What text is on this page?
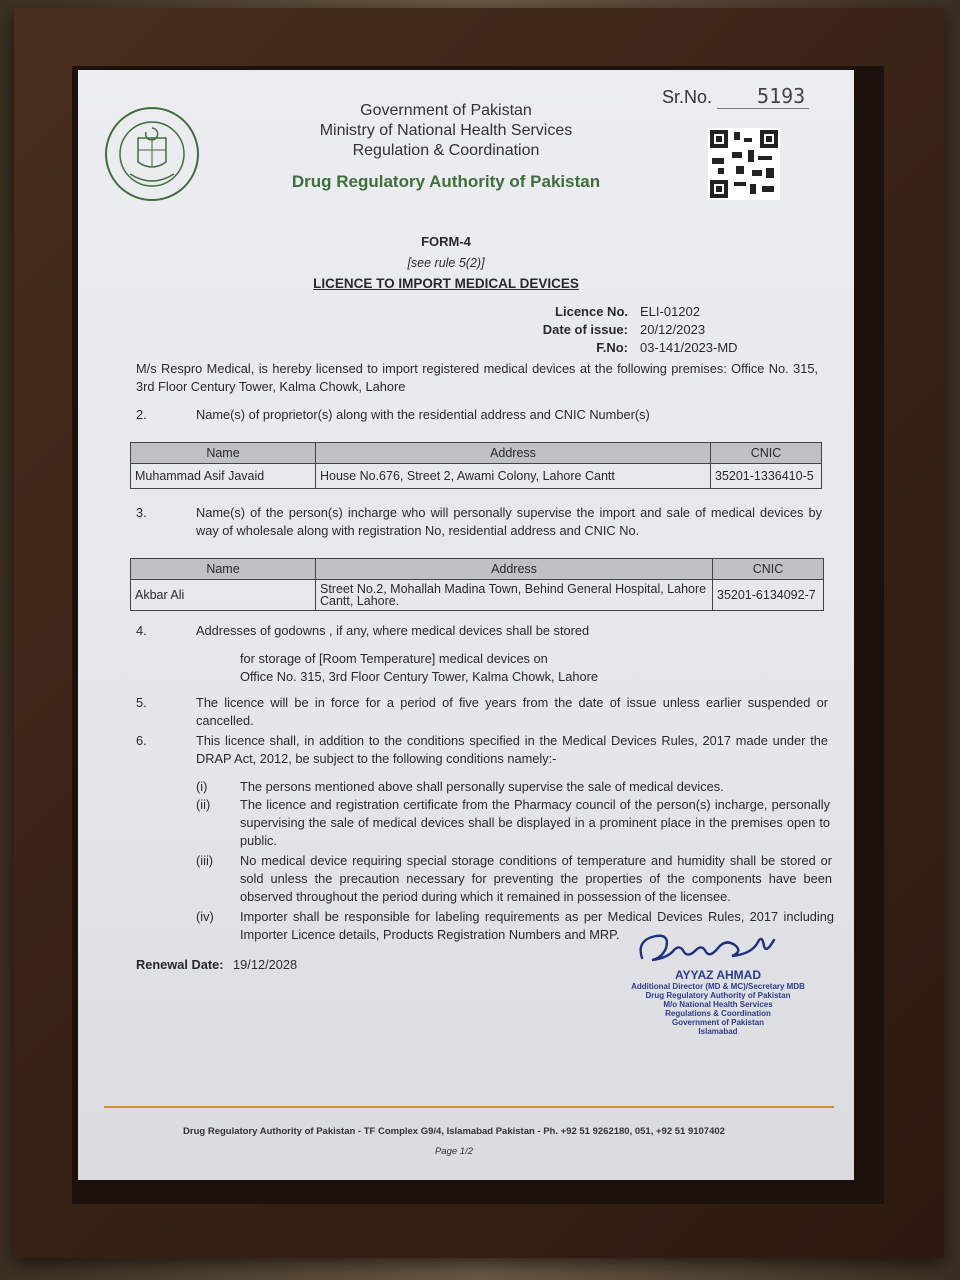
Sr.No. 5193
Government of Pakistan
Ministry of National Health Services
Regulation & Coordination
Drug Regulatory Authority of Pakistan
FORM-4
[see rule 5(2)]
LICENCE TO IMPORT MEDICAL DEVICES
Licence No. ELI-01202
Date of issue: 20/12/2023
F.No: 03-141/2023-MD
M/s Respro Medical, is hereby licensed to import registered medical devices at the following premises: Office No. 315, 3rd Floor Century Tower, Kalma Chowk, Lahore
2.	Name(s) of proprietor(s) along with the residential address and CNIC Number(s)
Name	Address	CNIC
Muhammad Asif Javaid	House No.676, Street 2, Awami Colony, Lahore Cantt	35201-1336410-5
3.	Name(s) of the person(s) incharge who will personally supervise the import and sale of medical devices by way of wholesale along with registration No, residential address and CNIC No.
Name	Address	CNIC
Akbar Ali	Street No.2, Mohallah Madina Town, Behind General Hospital, Lahore Cantt, Lahore.	35201-6134092-7
4.	Addresses of godowns , if any, where medical devices shall be stored
for storage of [Room Temperature] medical devices on
Office No. 315, 3rd Floor Century Tower, Kalma Chowk, Lahore
5.	The licence will be in force for a period of five years from the date of issue unless earlier suspended or cancelled.
6.	This licence shall, in addition to the conditions specified in the Medical Devices Rules, 2017 made under the DRAP Act, 2012, be subject to the following conditions namely:-
(i)	The persons mentioned above shall personally supervise the sale of medical devices.
(ii)	The licence and registration certificate from the Pharmacy council of the person(s) incharge, personally supervising the sale of medical devices shall be displayed in a prominent place in the premises open to public.
(iii)	No medical device requiring special storage conditions of temperature and humidity shall be stored or sold unless the precaution necessary for preventing the properties of the components have been observed throughout the period during which it remained in possession of the licensee.
(iv)	Importer shall be responsible for labeling requirements as per Medical Devices Rules, 2017 including Importer Licence details, Products Registration Numbers and MRP.
Renewal Date: 19/12/2028
AYYAZ AHMAD
Additional Director (MD & MC)/Secretary MDB
Drug Regulatory Authority of Pakistan
M/o National Health Services
Regulations & Coordination
Government of Pakistan
Islamabad
Drug Regulatory Authority of Pakistan - TF Complex G9/4, Islamabad Pakistan - Ph. +92 51 9262180, 051, +92 51 9107402
Page 1/2
